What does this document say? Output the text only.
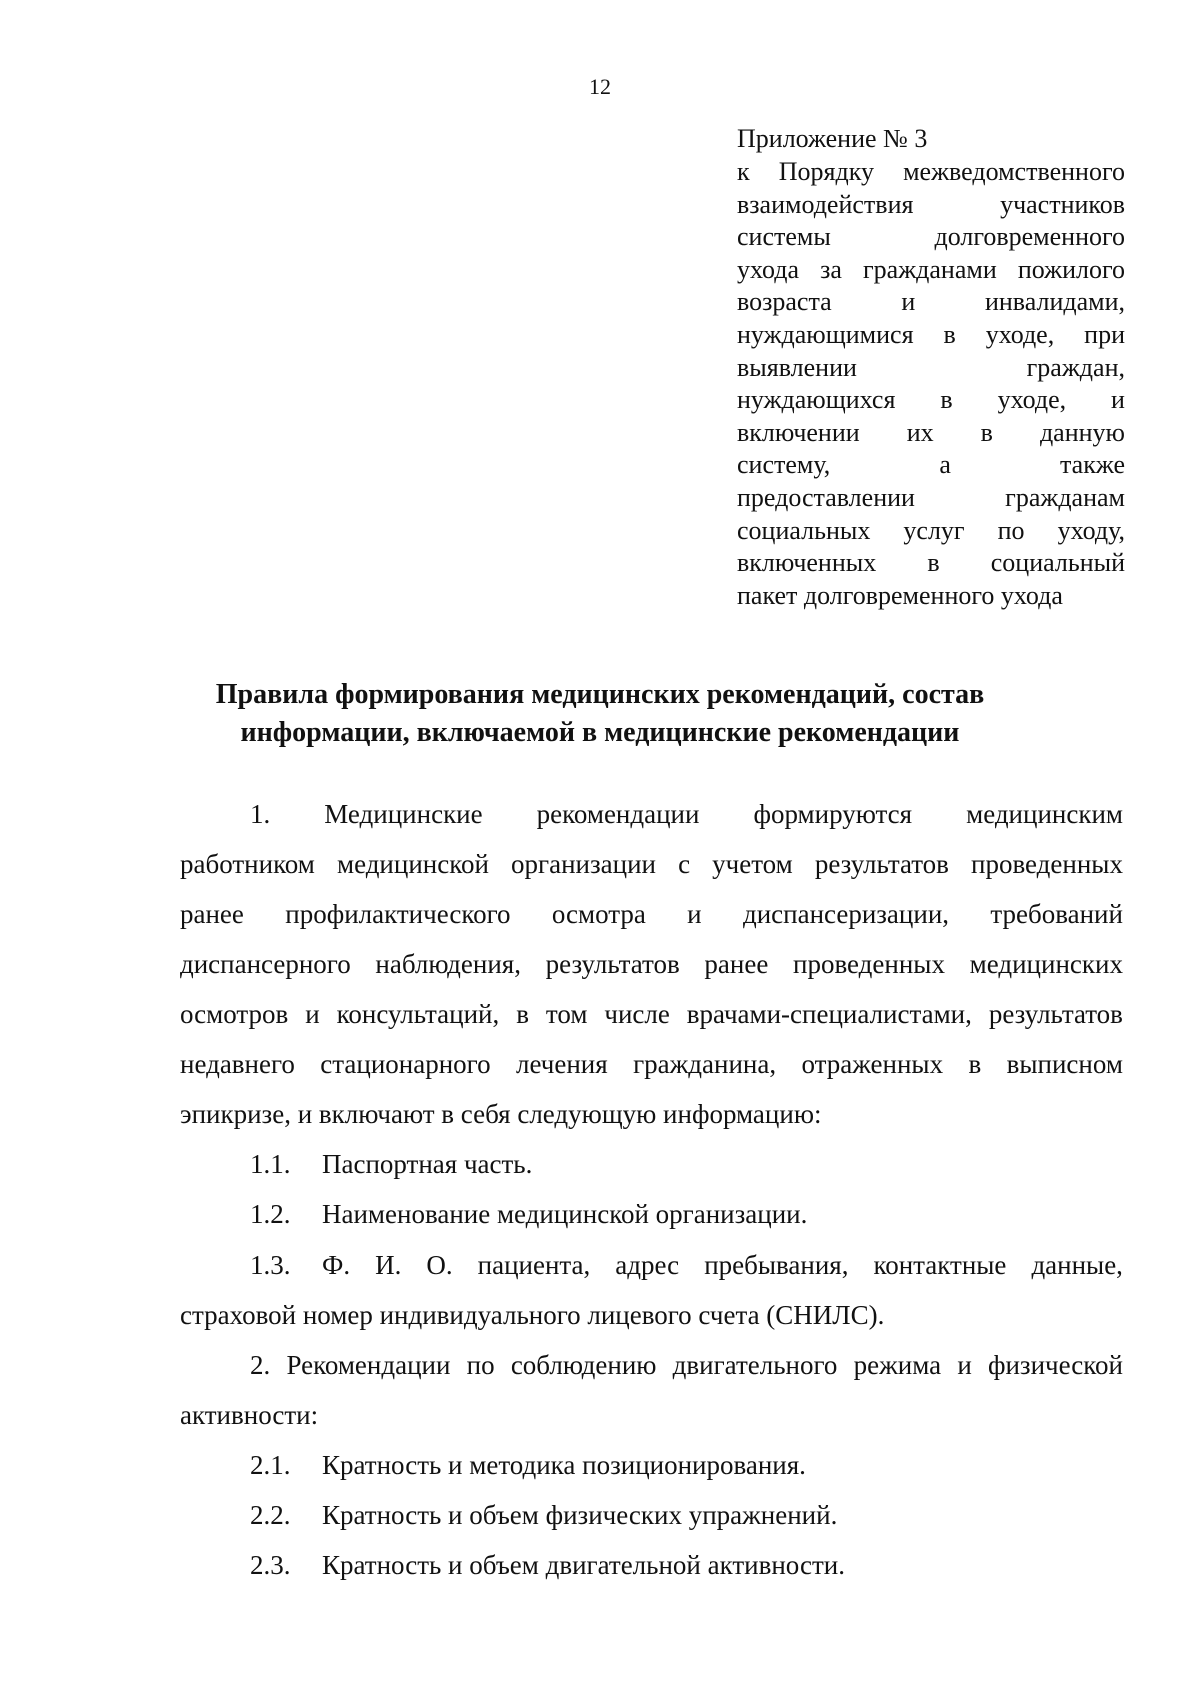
12
Приложение № 3
к Порядку межведомственного
взаимодействия	участников
системы	долговременного
ухода за гражданами пожилого
возраста	и	инвалидами,
нуждающимися в уходе, при
выявлении	граждан,
нуждающихся в уходе, и
включении их в данную
систему,	а	также
предоставлении	гражданам
социальных услуг по уходу,
включенных в социальный
пакет долговременного ухода
Правила формирования медицинских рекомендаций, состав
информации, включаемой в медицинские рекомендации
1. Медицинские рекомендации формируются медицинским
работником медицинской организации с учетом результатов проведенных
ранее профилактического осмотра и диспансеризации, требований
диспансерного наблюдения, результатов ранее проведенных медицинских
осмотров и консультаций, в том числе врачами-специалистами, результатов
недавнего стационарного лечения гражданина, отраженных в выписном
эпикризе, и включают в себя следующую информацию:
1.1. Паспортная часть.
1.2. Наименование медицинской организации.
1.3. Ф. И. О. пациента, адрес пребывания, контактные данные,
страховой номер индивидуального лицевого счета (СНИЛС).
2. Рекомендации по соблюдению двигательного режима и физической
активности:
2.1. Кратность и методика позиционирования.
2.2. Кратность и объем физических упражнений.
2.3. Кратность и объем двигательной активности.
